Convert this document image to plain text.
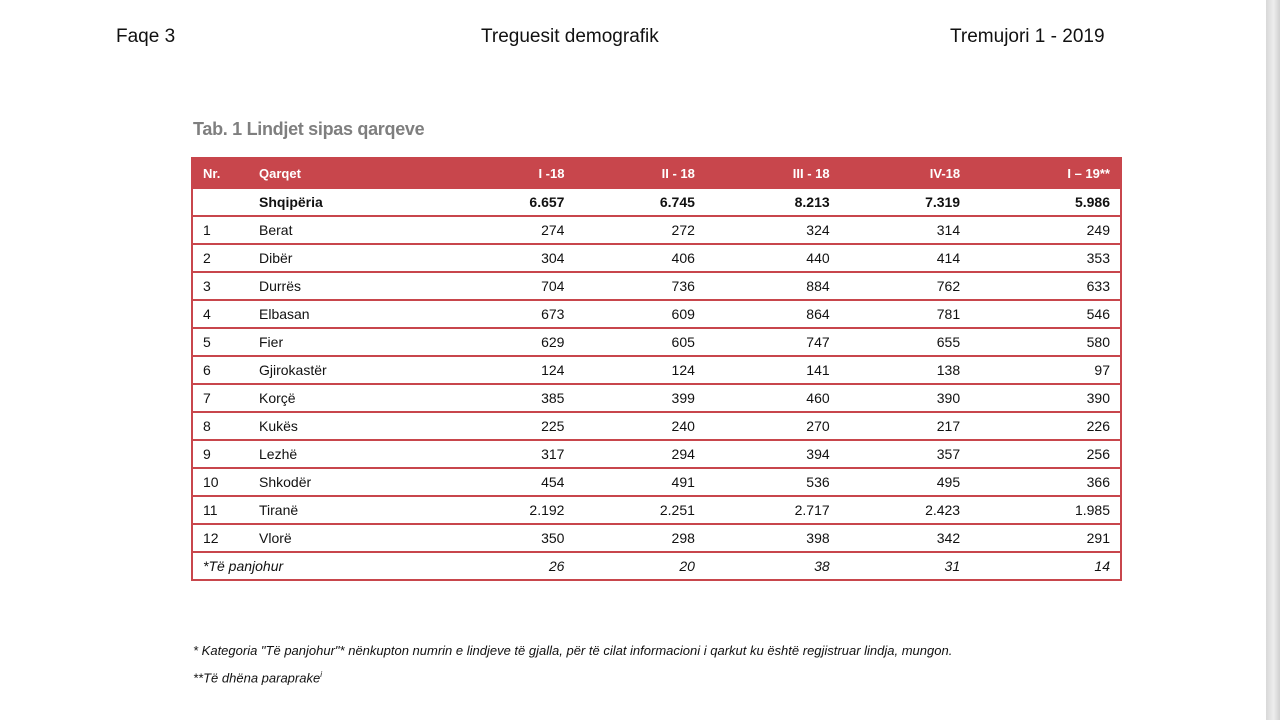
Faqe 3	Treguesit demografik	Tremujori 1 - 2019
Tab. 1 Lindjet sipas qarqeve
Nr.	Qarqet	I -18	II - 18	III - 18	IV-18	I – 19**
	Shqipëria	6.657	6.745	8.213	7.319	5.986
1	Berat	274	272	324	314	249
2	Dibër	304	406	440	414	353
3	Durrës	704	736	884	762	633
4	Elbasan	673	609	864	781	546
5	Fier	629	605	747	655	580
6	Gjirokastër	124	124	141	138	97
7	Korçë	385	399	460	390	390
8	Kukës	225	240	270	217	226
9	Lezhë	317	294	394	357	256
10	Shkodër	454	491	536	495	366
11	Tiranë	2.192	2.251	2.717	2.423	1.985
12	Vlorë	350	298	398	342	291
*Të panjohur		26	20	38	31	14
* Kategoria "Të panjohur"* nënkupton numrin e lindjeve të gjalla, për të cilat informacioni i qarkut ku është regjistruar lindja, mungon.
**Të dhëna paraprake$^i$
